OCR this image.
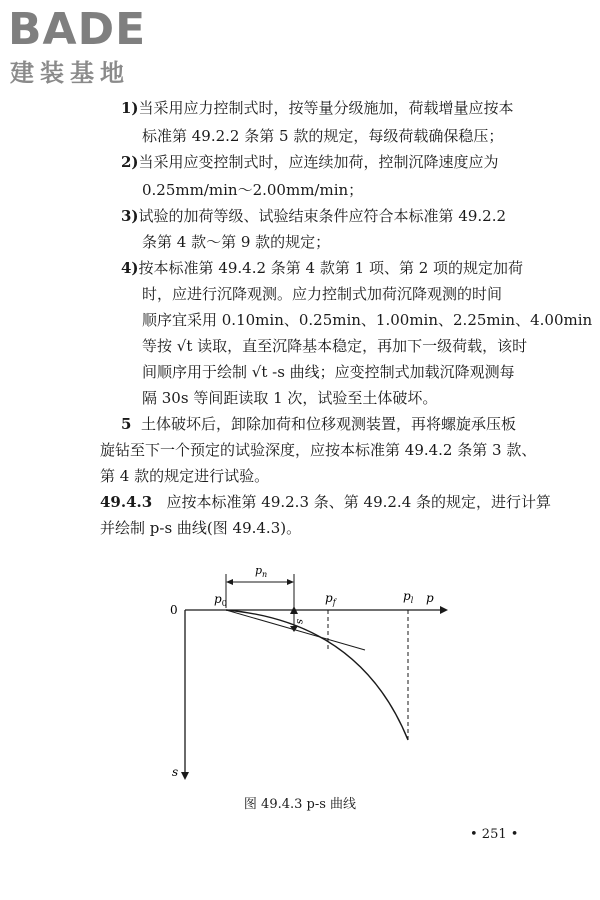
BADE
建装基地
1)当采用应力控制式时，按等量分级施加，荷载增量应按本
标准第 49.2.2 条第 5 款的规定，每级荷载确保稳压；
2)当采用应变控制式时，应连续加荷，控制沉降速度应为
0.25mm/min～2.00mm/min；
3)试验的加荷等级、试验结束条件应符合本标准第 49.2.2
条第 4 款～第 9 款的规定；
4)按本标准第 49.4.2 条第 4 款第 1 项、第 2 项的规定加荷
时，应进行沉降观测。应力控制式加荷沉降观测的时间
顺序宜采用 0.10min、0.25min、1.00min、2.25min、4.00min
等按 √t 读取，直至沉降基本稳定，再加下一级荷载，该时
间顺序用于绘制 √t -s 曲线；应变控制式加载沉降观测每
隔 30s 等间距读取 1 次，试验至土体破坏。
5 土体破坏后，卸除加荷和位移观测装置，再将螺旋承压板
旋钻至下一个预定的试验深度，应按本标准第 49.4.2 条第 3 款、
第 4 款的规定进行试验。
49.4.3 应按本标准第 49.2.3 条、第 49.2.4 条的规定，进行计算
并绘制 p-s 曲线(图 49.4.3)。
s
0
$p_0$
$p_n$
$p_f$	$p_l$ p
s
图 49.4.3 p-s 曲线
• 251 •
